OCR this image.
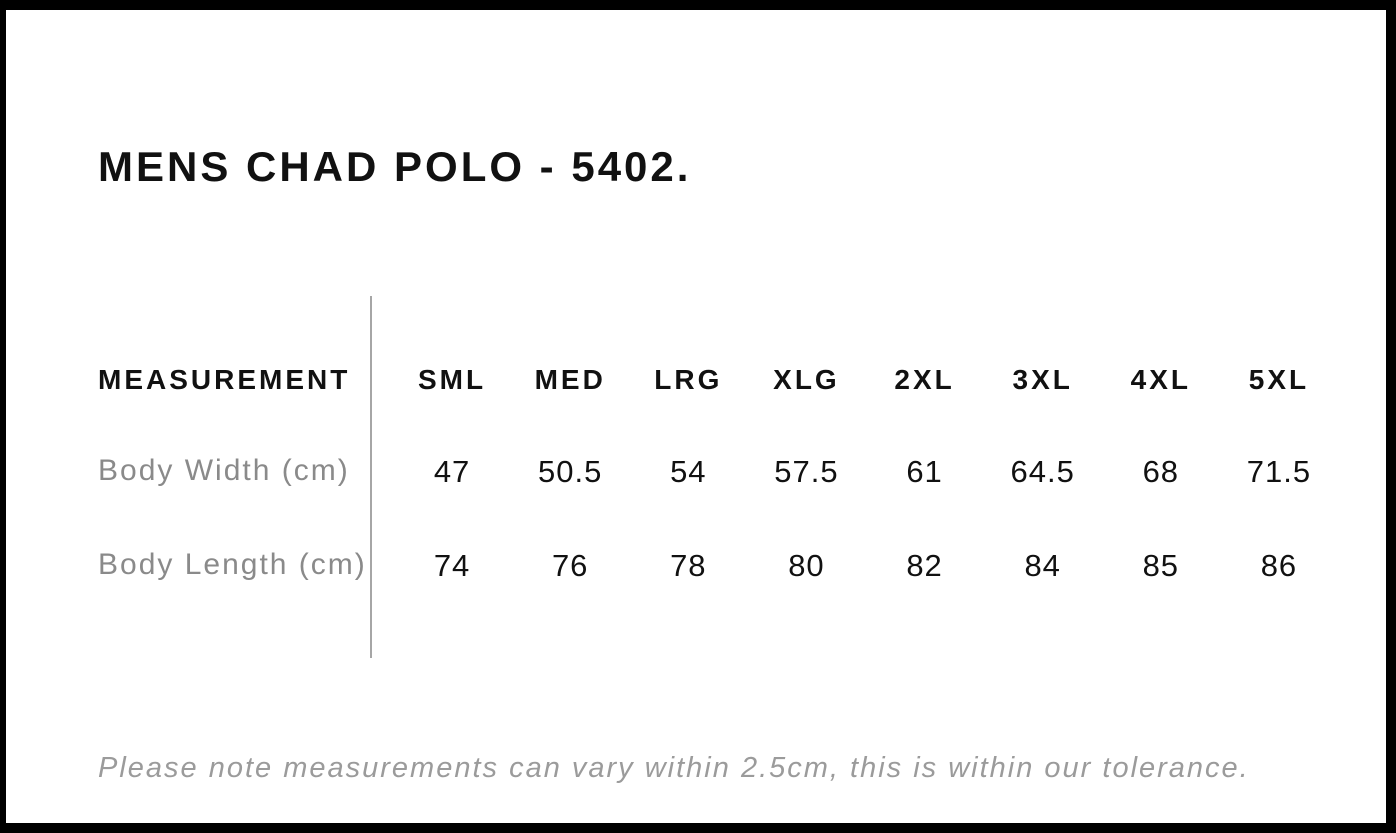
MENS CHAD POLO - 5402.
MEASUREMENT	SML	MED	LRG	XLG	2XL	3XL	4XL	5XL
Body Width (cm)	47	50.5	54	57.5	61	64.5	68	71.5
Body Length (cm)	74	76	78	80	82	84	85	86

Please note measurements can vary within 2.5cm, this is within our tolerance.
